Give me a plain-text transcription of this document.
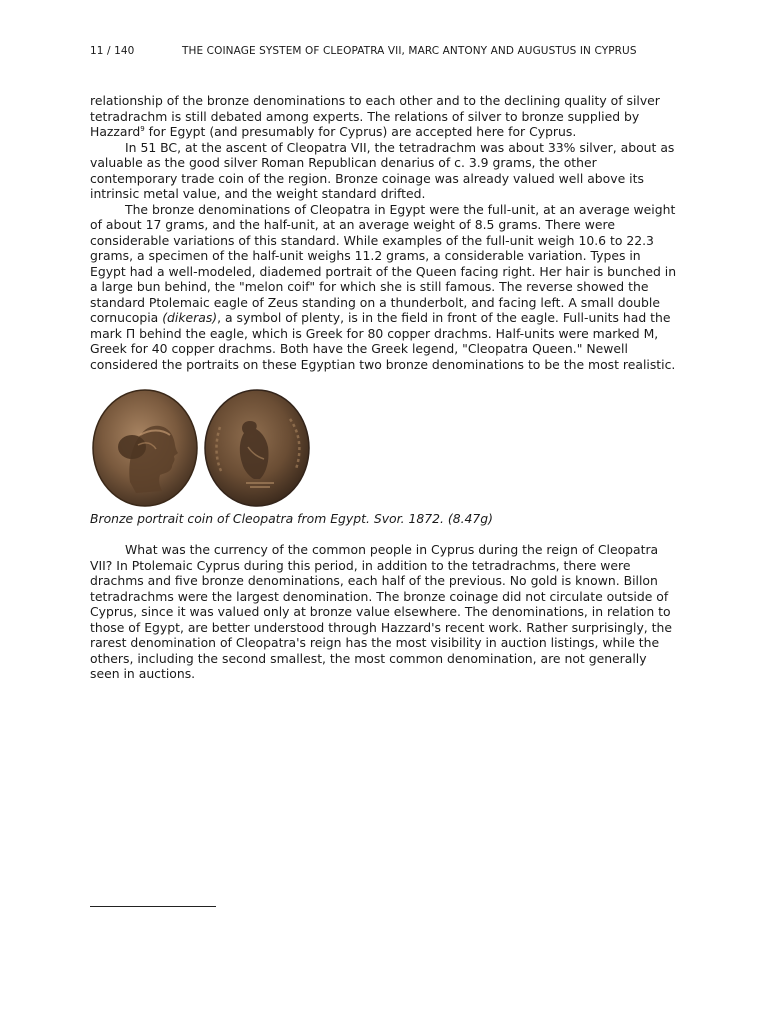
11 / 140	THE COINAGE SYSTEM OF CLEOPATRA VII, MARC ANTONY AND AUGUSTUS IN CYPRUS

relationship of the bronze denominations to each other and to the declining quality of silver tetradrachm is still debated among experts. The relations of silver to bronze supplied by Hazzard$^9$ for Egypt (and presumably for Cyprus) are accepted here for Cyprus.

In 51 BC, at the ascent of Cleopatra VII, the tetradrachm was about 33% silver, about as valuable as the good silver Roman Republican denarius of c. 3.9 grams, the other contemporary trade coin of the region. Bronze coinage was already valued well above its intrinsic metal value, and the weight standard drifted.

The bronze denominations of Cleopatra in Egypt were the full-unit, at an average weight of about 17 grams, and the half-unit, at an average weight of 8.5 grams. There were considerable variations of this standard. While examples of the full-unit weigh 10.6 to 22.3 grams, a specimen of the half-unit weighs 11.2 grams, a considerable variation. Types in Egypt had a well-modeled, diademed portrait of the Queen facing right. Her hair is bunched in a large bun behind, the "melon coif" for which she is still famous. The reverse showed the standard Ptolemaic eagle of Zeus standing on a thunderbolt, and facing left. A small double cornucopia (dikeras), a symbol of plenty, is in the field in front of the eagle. Full-units had the mark Π behind the eagle, which is Greek for 80 copper drachms. Half-units were marked M, Greek for 40 copper drachms. Both have the Greek legend, "Cleopatra Queen." Newell considered the portraits on these Egyptian two bronze denominations to be the most realistic.

Bronze portrait coin of Cleopatra from Egypt. Svor. 1872. (8.47g)

What was the currency of the common people in Cyprus during the reign of Cleopatra VII? In Ptolemaic Cyprus during this period, in addition to the tetradrachms, there were drachms and five bronze denominations, each half of the previous. No gold is known. Billon tetradrachms were the largest denomination. The bronze coinage did not circulate outside of Cyprus, since it was valued only at bronze value elsewhere. The denominations, in relation to those of Egypt, are better understood through Hazzard's recent work. Rather surprisingly, the rarest denomination of Cleopatra's reign has the most visibility in auction listings, while the others, including the second smallest, the most common denomination, are not generally seen in auctions.
